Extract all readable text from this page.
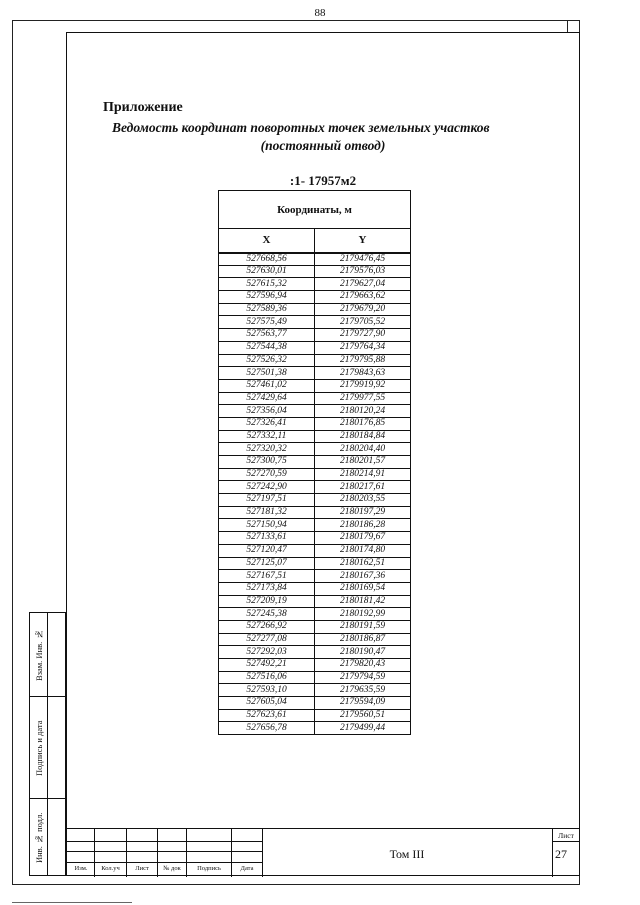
88
Взам. Инв. №
Подпись и дата
Инв. № подл.
Приложение
Ведомость координат поворотных точек земельных участков
(постоянный отвод)
:1- 17957м2
Координаты, м	
X	Y
527668,56	2179476,45
527630,01	2179576,03
527615,32	2179627,04
527596,94	2179663,62
527589,36	2179679,20
527575,49	2179705,52
527563,77	2179727,90
527544,38	2179764,34
527526,32	2179795,88
527501,38	2179843,63
527461,02	2179919,92
527429,64	2179977,55
527356,04	2180120,24
527326,41	2180176,85
527332,11	2180184,84
527320,32	2180204,40
527300,75	2180201,57
527270,59	2180214,91
527242,90	2180217,61
527197,51	2180203,55
527181,32	2180197,29
527150,94	2180186,28
527133,61	2180179,67
527120,47	2180174,80
527125,07	2180162,51
527167,51	2180167,36
527173,84	2180169,54
527209,19	2180181,42
527245,38	2180192,99
527266,92	2180191,59
527277,08	2180186,87
527292,03	2180190,47
527492,21	2179820,43
527516,06	2179794,59
527593,10	2179635,59
527605,04	2179594,09
527623,61	2179560,51
527656,78	2179499,44
Изм.	Кол.уч	Лист	№ док	Подпись	Дата
Том III
Лист
27
